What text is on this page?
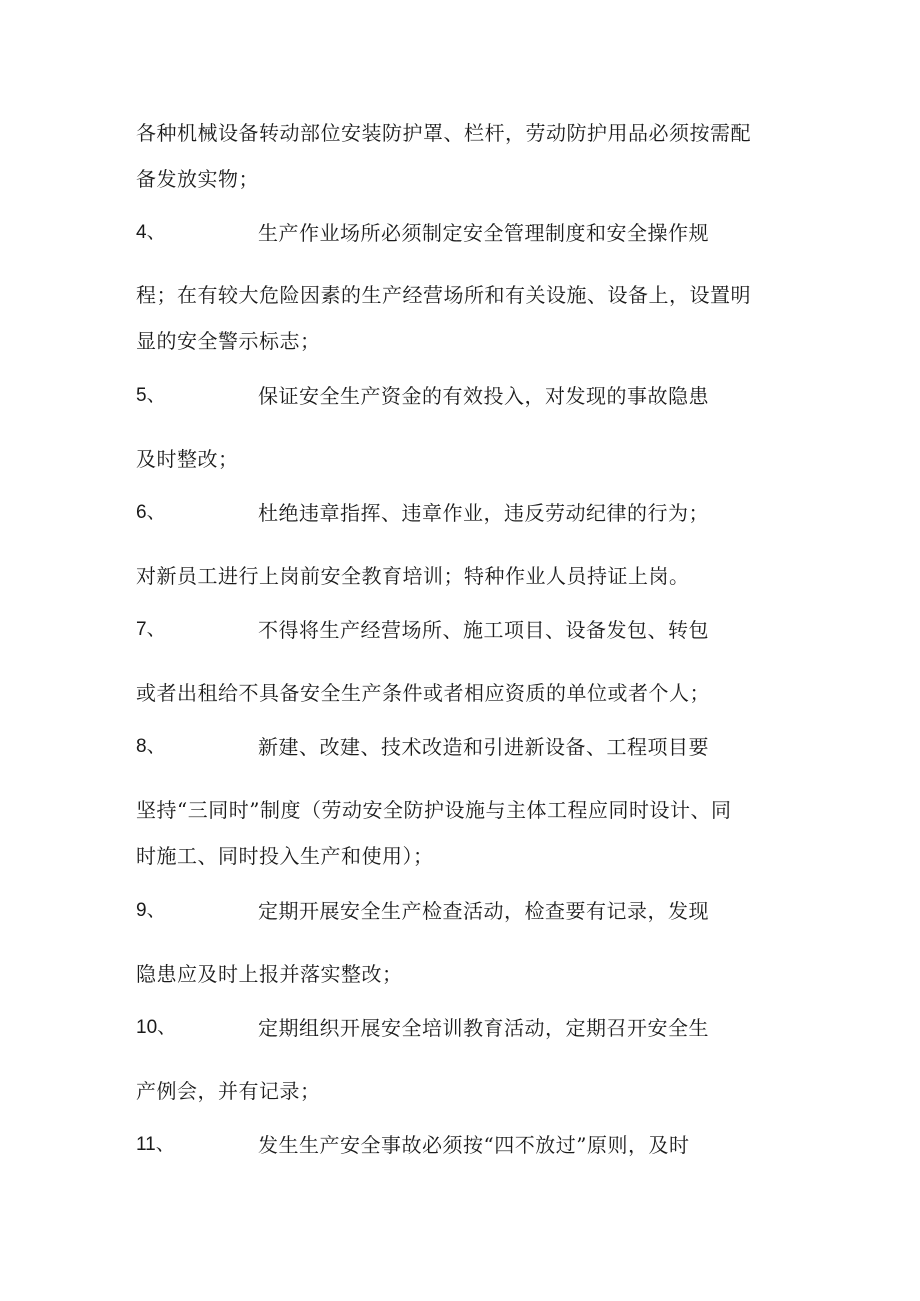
各种机械设备转动部位安装防护罩、栏杆，劳动防护用品必须按需配
备发放实物；
4、	生产作业场所必须制定安全管理制度和安全操作规
程；在有较大危险因素的生产经营场所和有关设施、设备上，设置明
显的安全警示标志；
5、	保证安全生产资金的有效投入，对发现的事故隐患
及时整改；
6、	杜绝违章指挥、违章作业，违反劳动纪律的行为；
对新员工进行上岗前安全教育培训；特种作业人员持证上岗。
7、	不得将生产经营场所、施工项目、设备发包、转包
或者出租给不具备安全生产条件或者相应资质的单位或者个人；
8、	新建、改建、技术改造和引进新设备、工程项目要
坚持“三同时”制度（劳动安全防护设施与主体工程应同时设计、同
时施工、同时投入生产和使用）；
9、	定期开展安全生产检查活动，检查要有记录，发现
隐患应及时上报并落实整改；
10、	定期组织开展安全培训教育活动，定期召开安全生
产例会，并有记录；
11、	发生生产安全事故必须按“四不放过”原则，及时
